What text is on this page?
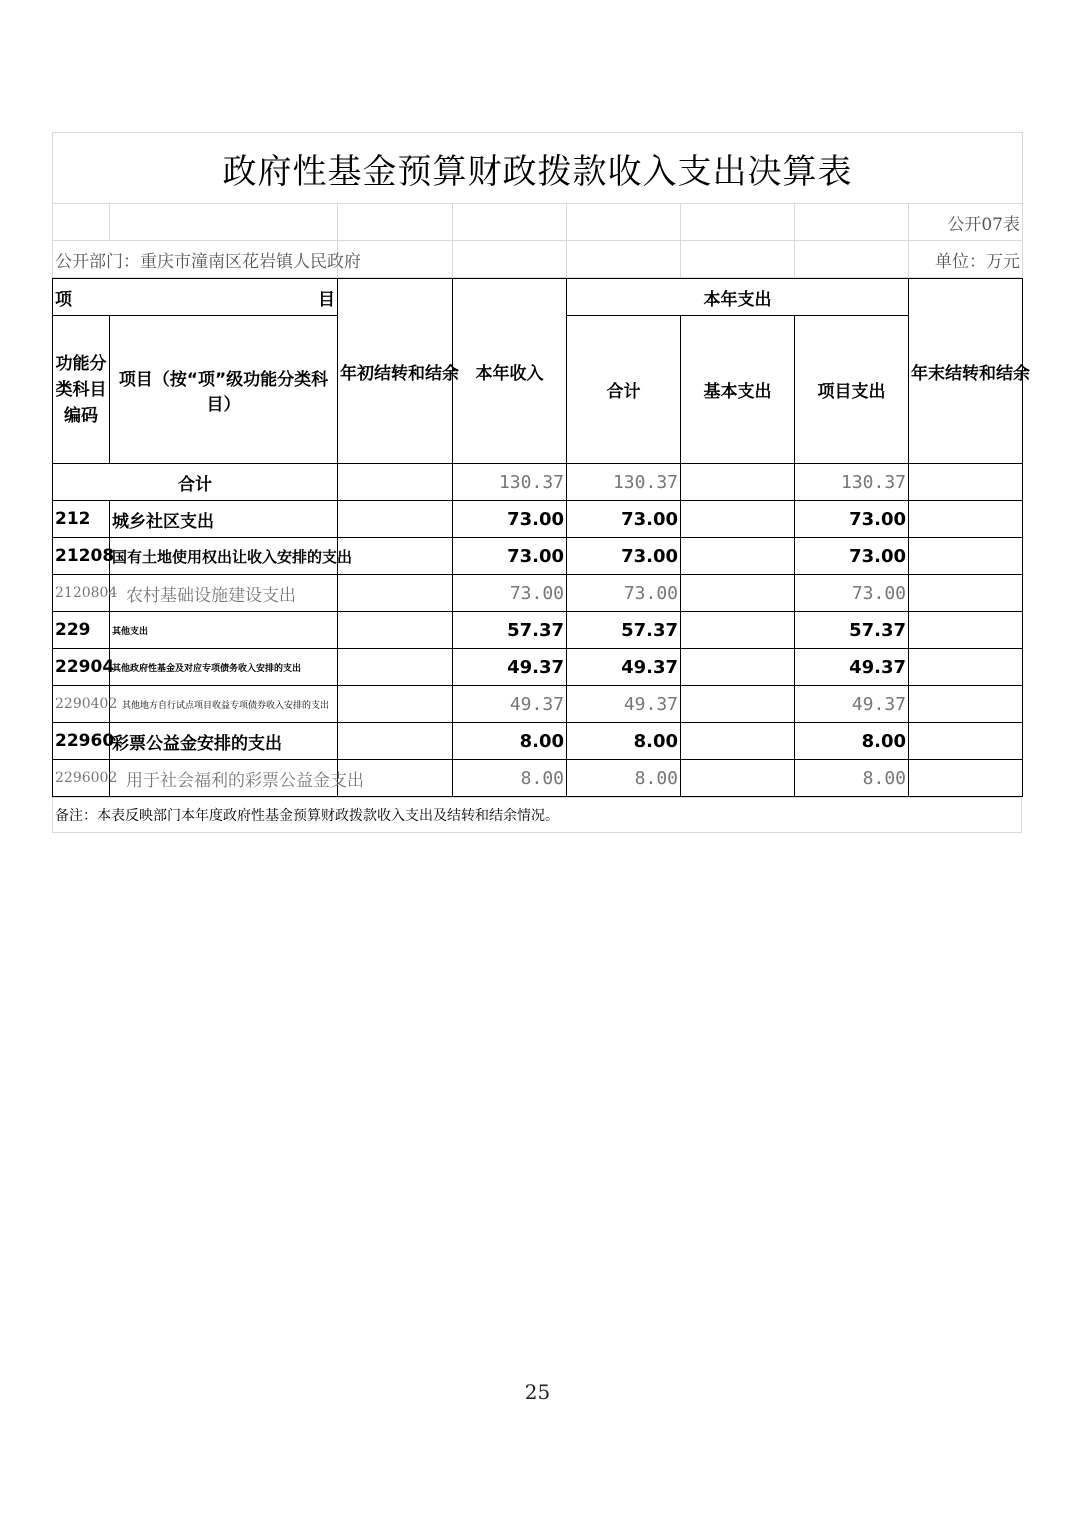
政府性基金预算财政拨款收入支出决算表							
							公开07表
公开部门：重庆市潼南区花岩镇人民政府							单位：万元
项 目		年初结转和结余	本年收入	本年支出			年末结转和结余
功能分类科目编码	项目（按“项”级功能分类科目）			合计	基本支出	项目支出	
合计			130.37	130.37		130.37	
212	城乡社区支出		73.00	73.00		73.00	
21208	国有土地使用权出让收入安排的支出		73.00	73.00		73.00	
2120804	农村基础设施建设支出		73.00	73.00		73.00	
229	其他支出		57.37	57.37		57.37	
22904	其他政府性基金及对应专项债务收入安排的支出		49.37	49.37		49.37	
2290402	其他地方自行试点项目收益专项债券收入安排的支出		49.37	49.37		49.37	
22960	彩票公益金安排的支出		8.00	8.00		8.00	
2296002	用于社会福利的彩票公益金支出		8.00	8.00		8.00	
备注：本表反映部门本年度政府性基金预算财政拨款收入支出及结转和结余情况。
25
